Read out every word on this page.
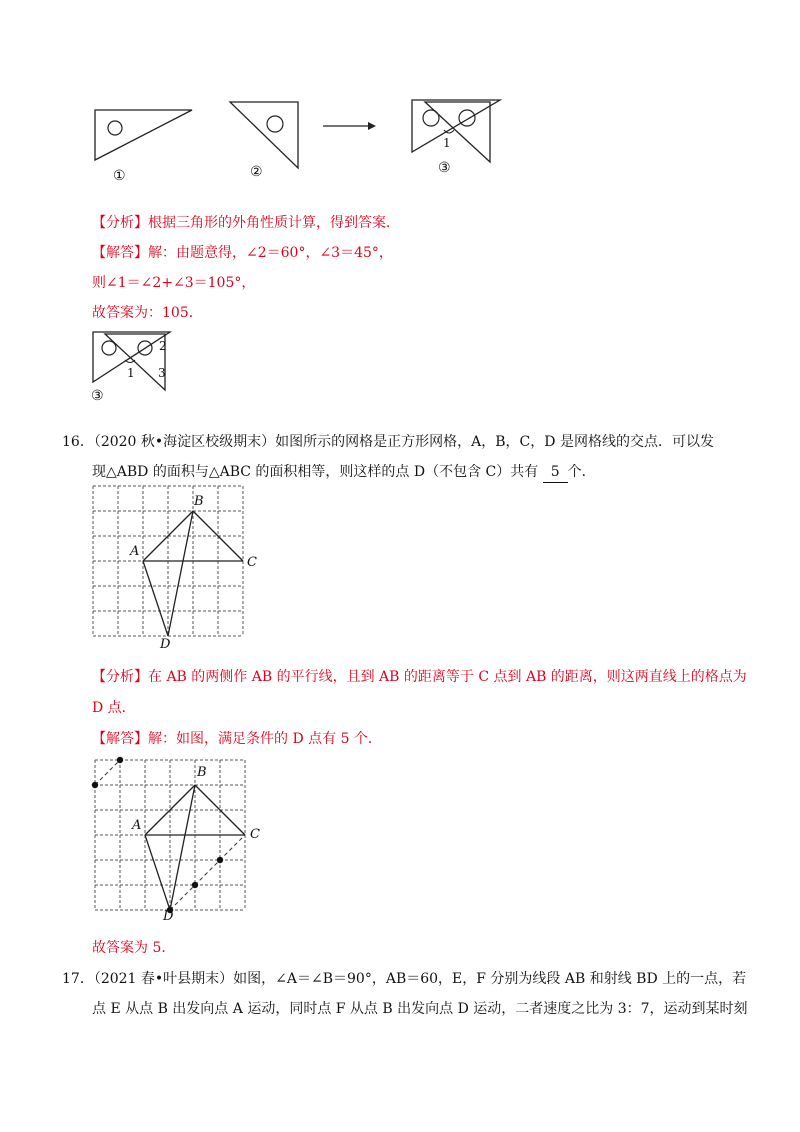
①	②	③
1
【分析】根据三角形的外角性质计算，得到答案．
【解答】解：由题意得，∠2＝60°，∠3＝45°，
则∠1＝∠2+∠3＝105°，
故答案为：105．
1
2
3
③
16．（2020 秋•海淀区校级期末）如图所示的网格是正方形网格，A，B，C，D 是网格线的交点．可以发
现△ABD 的面积与△ABC 的面积相等，则这样的点 D（不包含 C）共有 5 个．
A
B
C
D
【分析】在 AB 的两侧作 AB 的平行线，且到 AB 的距离等于 C 点到 AB 的距离，则这两直线上的格点为
D 点．
【解答】解：如图，满足条件的 D 点有 5 个．
A
B
C
D
故答案为 5．
17．（2021 春•叶县期末）如图，∠A＝∠B＝90°，AB＝60，E，F 分别为线段 AB 和射线 BD 上的一点，若
点 E 从点 B 出发向点 A 运动，同时点 F 从点 B 出发向点 D 运动，二者速度之比为 3：7，运动到某时刻
